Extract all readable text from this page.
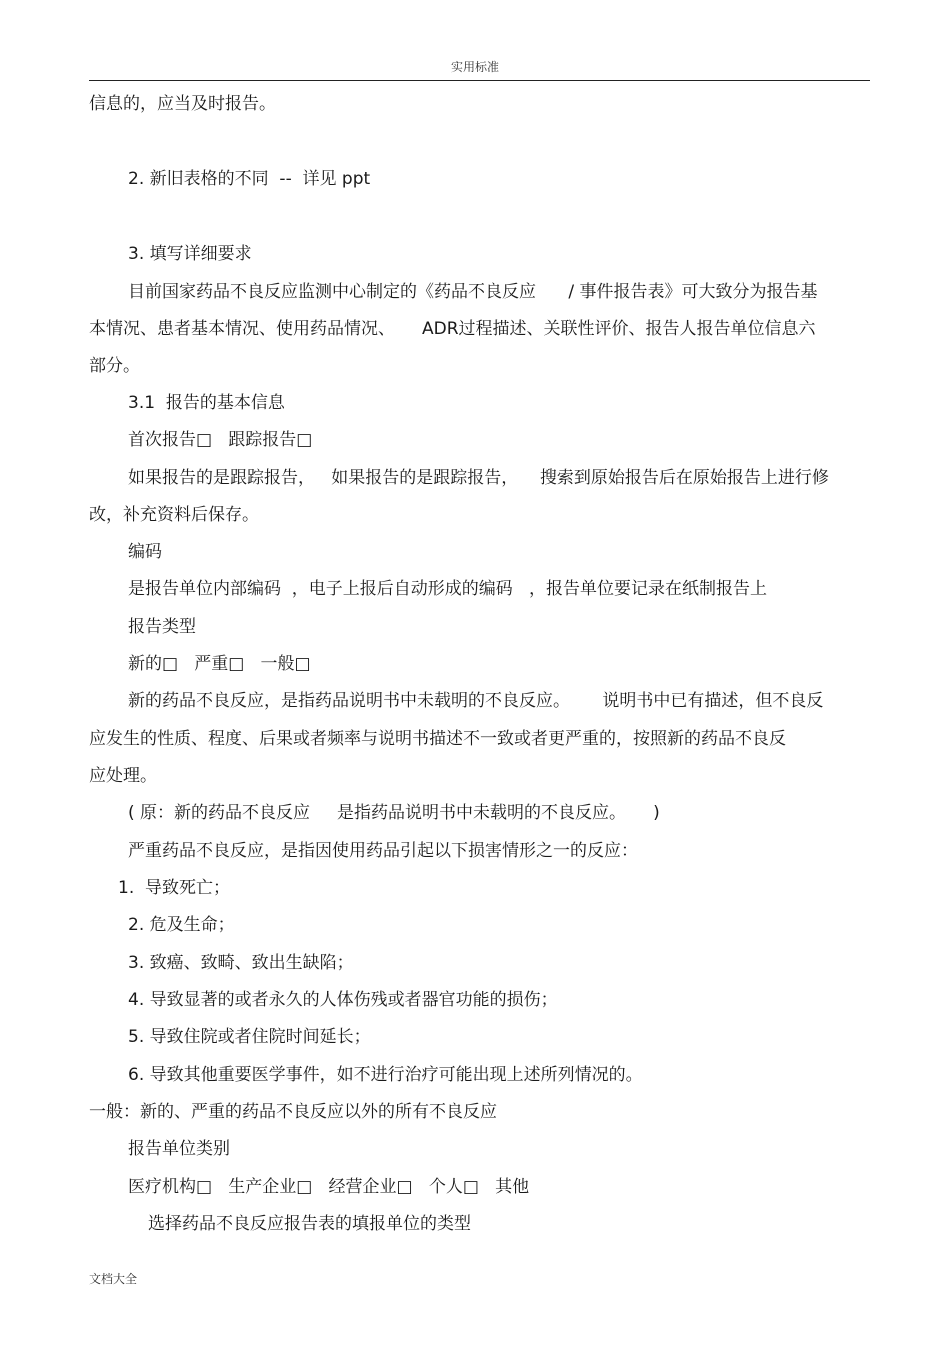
实用标准
信息的，应当及时报告。
2. 新旧表格的不同  --  详见 ppt
3. 填写详细要求
目前国家药品不良反应监测中心制定的《药品不良反应      / 事件报告表》可大致分为报告基
本情况、患者基本情况、使用药品情况、     ADR过程描述、关联性评价、报告人报告单位信息六
部分。
3.1  报告的基本信息
首次报告□   跟踪报告□
如果报告的是跟踪报告，   如果报告的是跟踪报告，    搜索到原始报告后在原始报告上进行修
改，补充资料后保存。
编码
是报告单位内部编码  ，电子上报后自动形成的编码   ，报告单位要记录在纸制报告上
报告类型
新的□   严重□   一般□
新的药品不良反应，是指药品说明书中未载明的不良反应。      说明书中已有描述，但不良反
应发生的性质、程度、后果或者频率与说明书描述不一致或者更严重的，按照新的药品不良反
应处理。
( 原：新的药品不良反应     是指药品说明书中未载明的不良反应。     )
严重药品不良反应，是指因使用药品引起以下损害情形之一的反应：
1.  导致死亡；
2. 危及生命；
3. 致癌、致畸、致出生缺陷；
4. 导致显著的或者永久的人体伤残或者器官功能的损伤；
5. 导致住院或者住院时间延长；
6. 导致其他重要医学事件，如不进行治疗可能出现上述所列情况的。
一般：新的、严重的药品不良反应以外的所有不良反应
报告单位类别
医疗机构□   生产企业□   经营企业□   个人□   其他
选择药品不良反应报告表的填报单位的类型
文档大全
